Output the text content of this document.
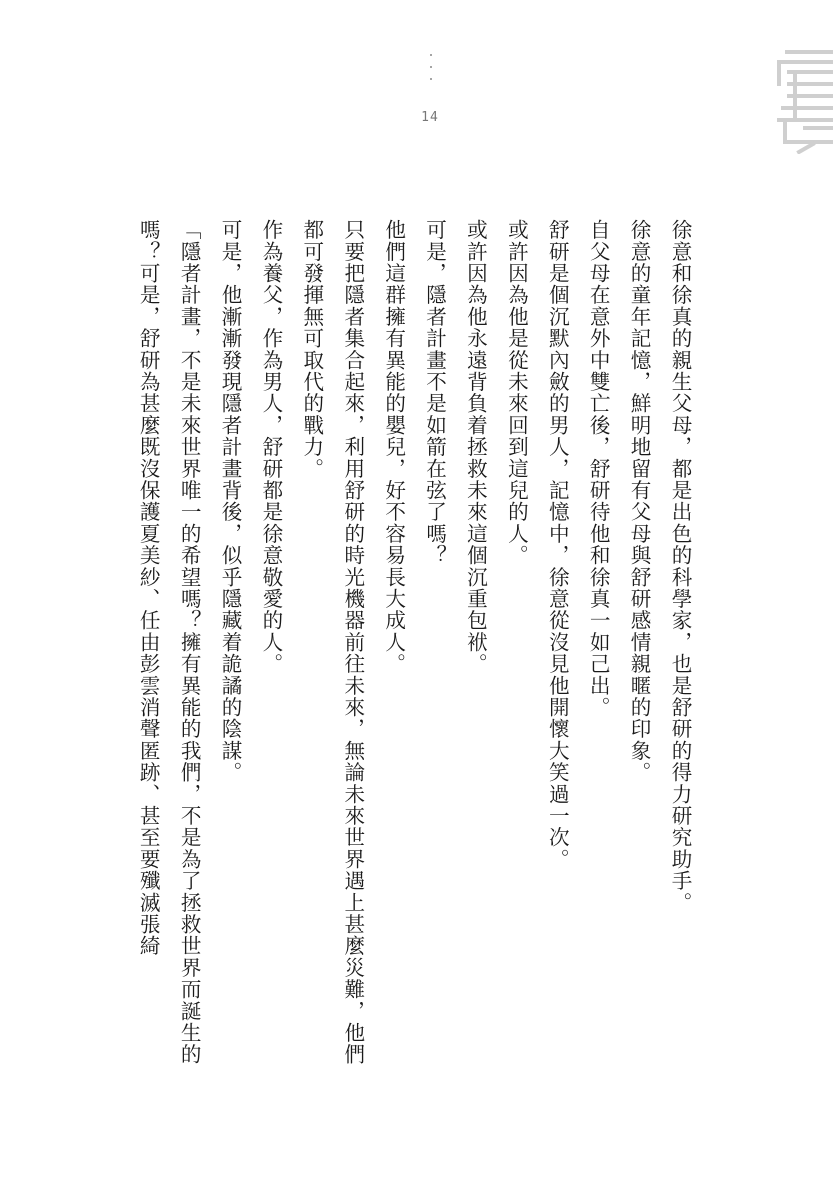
14

徐意和徐真的親生父母，都是出色的科學家，也是舒研的得力研究助手。

徐意的童年記憶，鮮明地留有父母與舒研感情親暱的印象。

自父母在意外中雙亡後，舒研待他和徐真一如己出。

舒研是個沉默內斂的男人，記憶中，徐意從沒見他開懷大笑過一次。

或許因為他是從未來回到這兒的人。

或許因為他永遠背負着拯救未來這個沉重包袱。

可是，隱者計畫不是如箭在弦了嗎？

他們這群擁有異能的嬰兒，好不容易長大成人。

只要把隱者集合起來，利用舒研的時光機器前往未來，無論未來世界遇上甚麼災難，他們都可發揮無可取代的戰力。

作為養父，作為男人，舒研都是徐意敬愛的人。

可是，他漸漸發現隱者計畫背後，似乎隱藏着詭譎的陰謀。

「隱者計畫，不是未來世界唯一的希望嗎？擁有異能的我們，不是為了拯救世界而誕生的嗎？可是，舒研為甚麼既沒保護夏美紗、任由彭雲消聲匿跡、甚至要殲滅張綺
